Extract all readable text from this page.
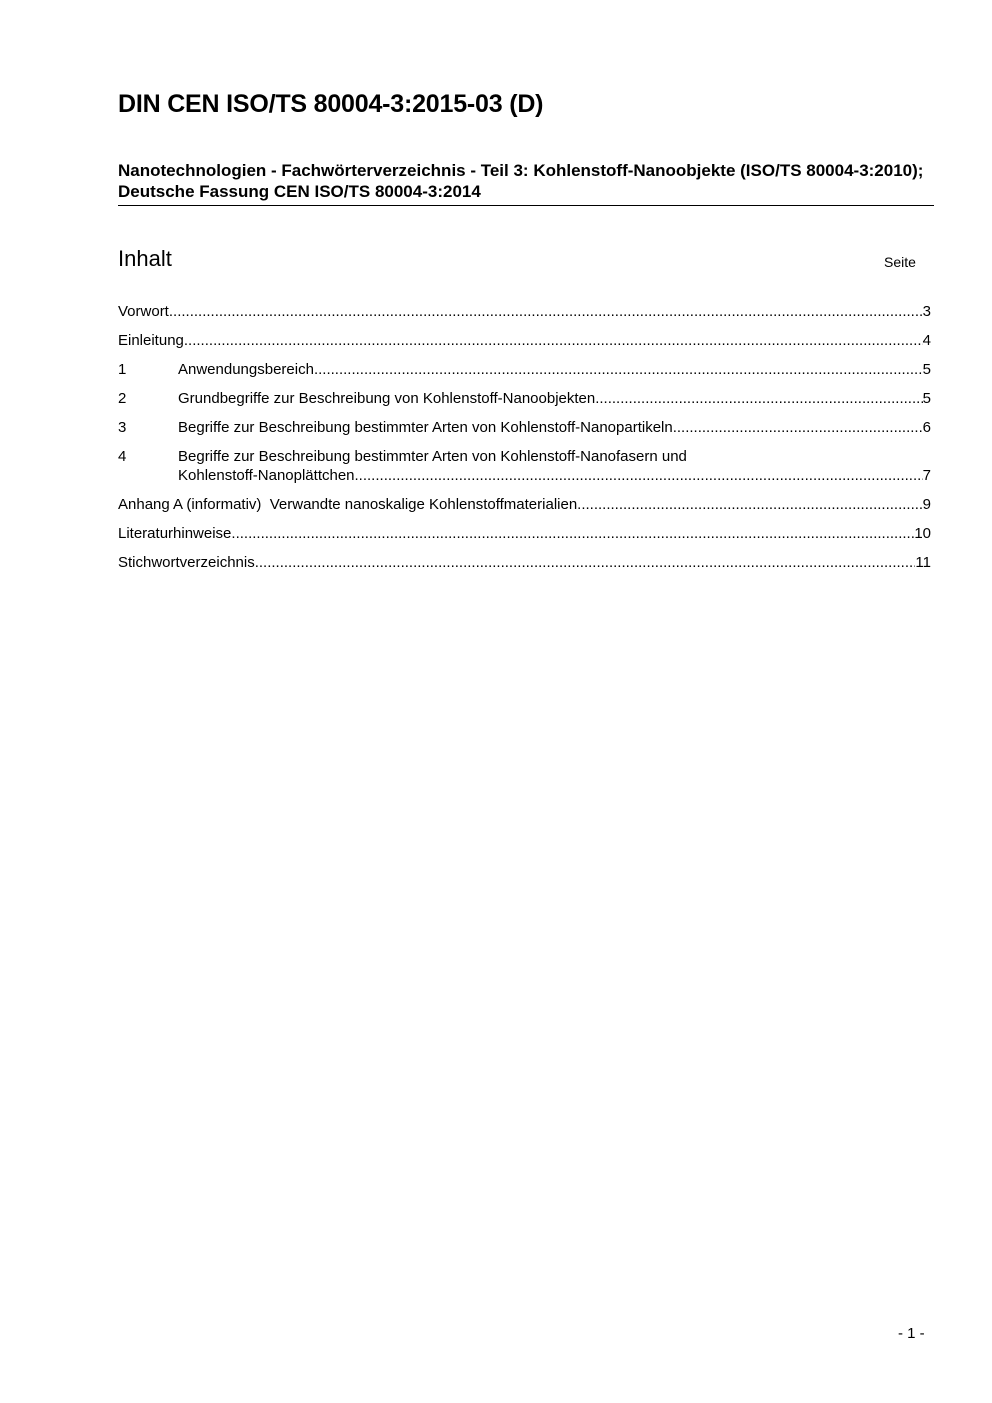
DIN CEN ISO/TS 80004-3:2015-03 (D)
Nanotechnologien - Fachwörterverzeichnis - Teil 3: Kohlenstoff-Nanoobjekte (ISO/TS 80004-3:2010); Deutsche Fassung CEN ISO/TS 80004-3:2014
Inhalt	Seite
Vorwort .....	3
Einleitung .....	4
1	Anwendungsbereich .....	5
2	Grundbegriffe zur Beschreibung von Kohlenstoff-Nanoobjekten .....	5
3	Begriffe zur Beschreibung bestimmter Arten von Kohlenstoff-Nanopartikeln .....	6
4	Begriffe zur Beschreibung bestimmter Arten von Kohlenstoff-Nanofasern und
Kohlenstoff-Nanoplättchen .....	7
Anhang A (informativ)  Verwandte nanoskalige Kohlenstoffmaterialien .....	9
Literaturhinweise .....	10
Stichwortverzeichnis .....	11
- 1 -
